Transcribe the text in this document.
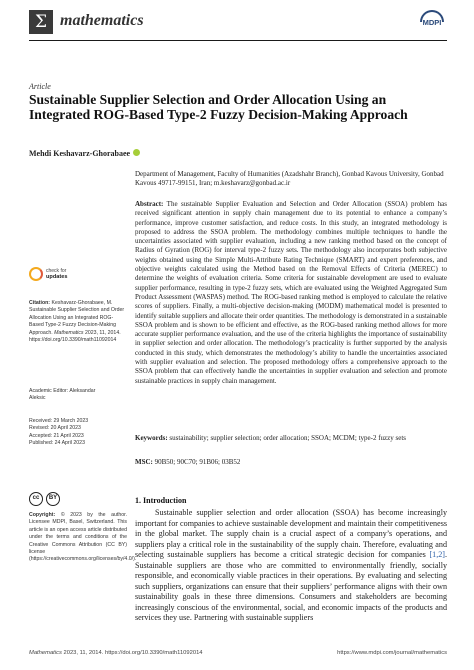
Σ mathematics	MDPI
Article
Sustainable Supplier Selection and Order Allocation Using an Integrated ROG-Based Type-2 Fuzzy Decision-Making Approach
Mehdi Keshavarz-Ghorabaee
Department of Management, Faculty of Humanities (Azadshahr Branch), Gonbad Kavous University, Gonbad Kavous 49717-99151, Iran; m.keshavarz@gonbad.ac.ir
Abstract: The sustainable Supplier Evaluation and Selection and Order Allocation (SSOA) problem has received significant attention in supply chain management due to its potential to enhance a company’s performance, improve customer satisfaction, and reduce costs. In this study, an integrated methodology is proposed to address the SSOA problem. The methodology combines multiple techniques to handle the uncertainties associated with supplier evaluation, including a new ranking method based on the concept of Radius of Gyration (ROG) for interval type-2 fuzzy sets. The methodology also incorporates both subjective weights obtained using the Simple Multi-Attribute Rating Technique (SMART) and expert preferences, and objective weights calculated using the Method based on the Removal Effects of Criteria (MEREC) to determine the weights of evaluation criteria. Some criteria for sustainable development are used to evaluate supplier performance, resulting in type-2 fuzzy sets, which are evaluated using the Weighted Aggregated Sum Product Assessment (WASPAS) method. The ROG-based ranking method is employed to calculate the relative scores of suppliers. Finally, a multi-objective decision-making (MODM) mathematical model is presented to identify suitable suppliers and allocate their order quantities. The methodology is demonstrated in a sustainable SSOA problem and is shown to be efficient and effective, as the ROG-based ranking method allows for more accurate supplier performance evaluation, and the use of the criteria highlights the importance of sustainability in supplier selection and order allocation. The methodology’s practicality is further supported by the analysis conducted in this study, which demonstrates the methodology’s ability to handle the uncertainties associated with supplier evaluation and selection. The proposed methodology offers a comprehensive approach to the SSOA problem that can effectively handle the uncertainties in supplier evaluation and selection and promote sustainable practices in supply chain management.
Keywords: sustainability; supplier selection; order allocation; SSOA; MCDM; type-2 fuzzy sets
MSC: 90B50; 90C70; 91B06; 03B52
check for
updates
Citation: Keshavarz-Ghorabaee, M. Sustainable Supplier Selection and Order Allocation Using an Integrated ROG-Based Type-2 Fuzzy Decision-Making Approach. Mathematics 2023, 11, 2014. https://doi.org/10.3390/math11092014
Academic Editor: Aleksandar
Aleksic
Received: 29 March 2023
Revised: 20 April 2023
Accepted: 21 April 2023
Published: 24 April 2023
cc	BY
Copyright: © 2023 by the author. Licensee MDPI, Basel, Switzerland. This article is an open access article distributed under the terms and conditions of the Creative Commons Attribution (CC BY) license (https://creativecommons.org/licenses/by/4.0/).
1. Introduction

Sustainable supplier selection and order allocation (SSOA) has become increasingly important for companies to achieve sustainable development and maintain their competitiveness in the global market. The supply chain is a crucial aspect of a company’s operations, and suppliers play a critical role in the sustainability of the supply chain. Therefore, evaluating and selecting sustainable suppliers has become a critical strategic decision for companies [1,2]. Sustainable suppliers are those who are committed to environmentally friendly, socially responsible, and economically viable practices in their operations. By evaluating and selecting such suppliers, organizations can ensure that their suppliers’ performance aligns with their own sustainability goals in these three dimensions. Consumers and stakeholders are becoming increasingly conscious of the environmental, social, and economic impacts of the products and services they use. Partnering with sustainable suppliers

Mathematics 2023, 11, 2014. https://doi.org/10.3390/math11092014	https://www.mdpi.com/journal/mathematics
